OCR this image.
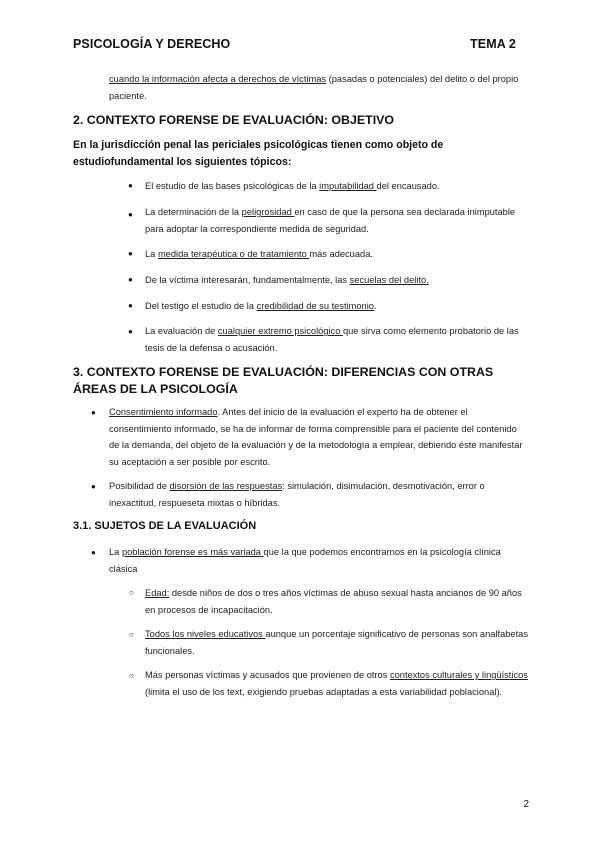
PSICOLOGÍA Y DERECHO	TEMA 2
cuando la información afecta a derechos de víctimas (pasadas o potenciales) del delito o del propio paciente.
2. CONTEXTO FORENSE DE EVALUACIÓN: OBJETIVO
En la jurisdicción penal las periciales psicológicas tienen como objeto de estudiofundamental los siguientes tópicos:
● El estudio de las bases psicológicas de la imputabilidad del encausado.
● La determinación de la peligrosidad en caso de que la persona sea declarada inimputable para adoptar la correspondiente medida de seguridad.
● La medida terapéutica o de tratamiento más adecuada.
● De la víctima interesarán, fundamentalmente, las secuelas del delito.
● Del testigo el estudio de la credibilidad de su testimonio.
● La evaluación de cualquier extremo psicológico que sirva como elemento probatorio de las tesis de la defensa o acusación.
3. CONTEXTO FORENSE DE EVALUACIÓN: DIFERENCIAS CON OTRAS ÁREAS DE LA PSICOLOGÍA
● Consentimiento informado. Antes del inicio de la evaluación el experto ha de obtener el consentimiento informado, se ha de informar de forma comprensible para el paciente del contenido de la demanda, del objeto de la evaluación y de la metodología a emplear, debiendo éste manifestar su aceptación a ser posible por escrito.
● Posibilidad de disorsión de las respuestas: simulación, disimulación, desmotivación, error o inexactitud, respueseta mixtas o híbridas.
3.1. SUJETOS DE LA EVALUACIÓN
● La población forense es más variada que la que podemos encontrarnos en la psicología clínica clásica
○ Edad: desde niños de dos o tres años víctimas de abuso sexual hasta ancianos de 90 años en procesos de incapacitación.
○ Todos los niveles educativos aunque un porcentaje significativo de personas son analfabetas funcionales.
○ Más personas víctimas y acusados que provienen de otros contextos culturales y lingüísticos (limita el uso de los text, exigiendo pruebas adaptadas a esta variabilidad poblacional).
2
